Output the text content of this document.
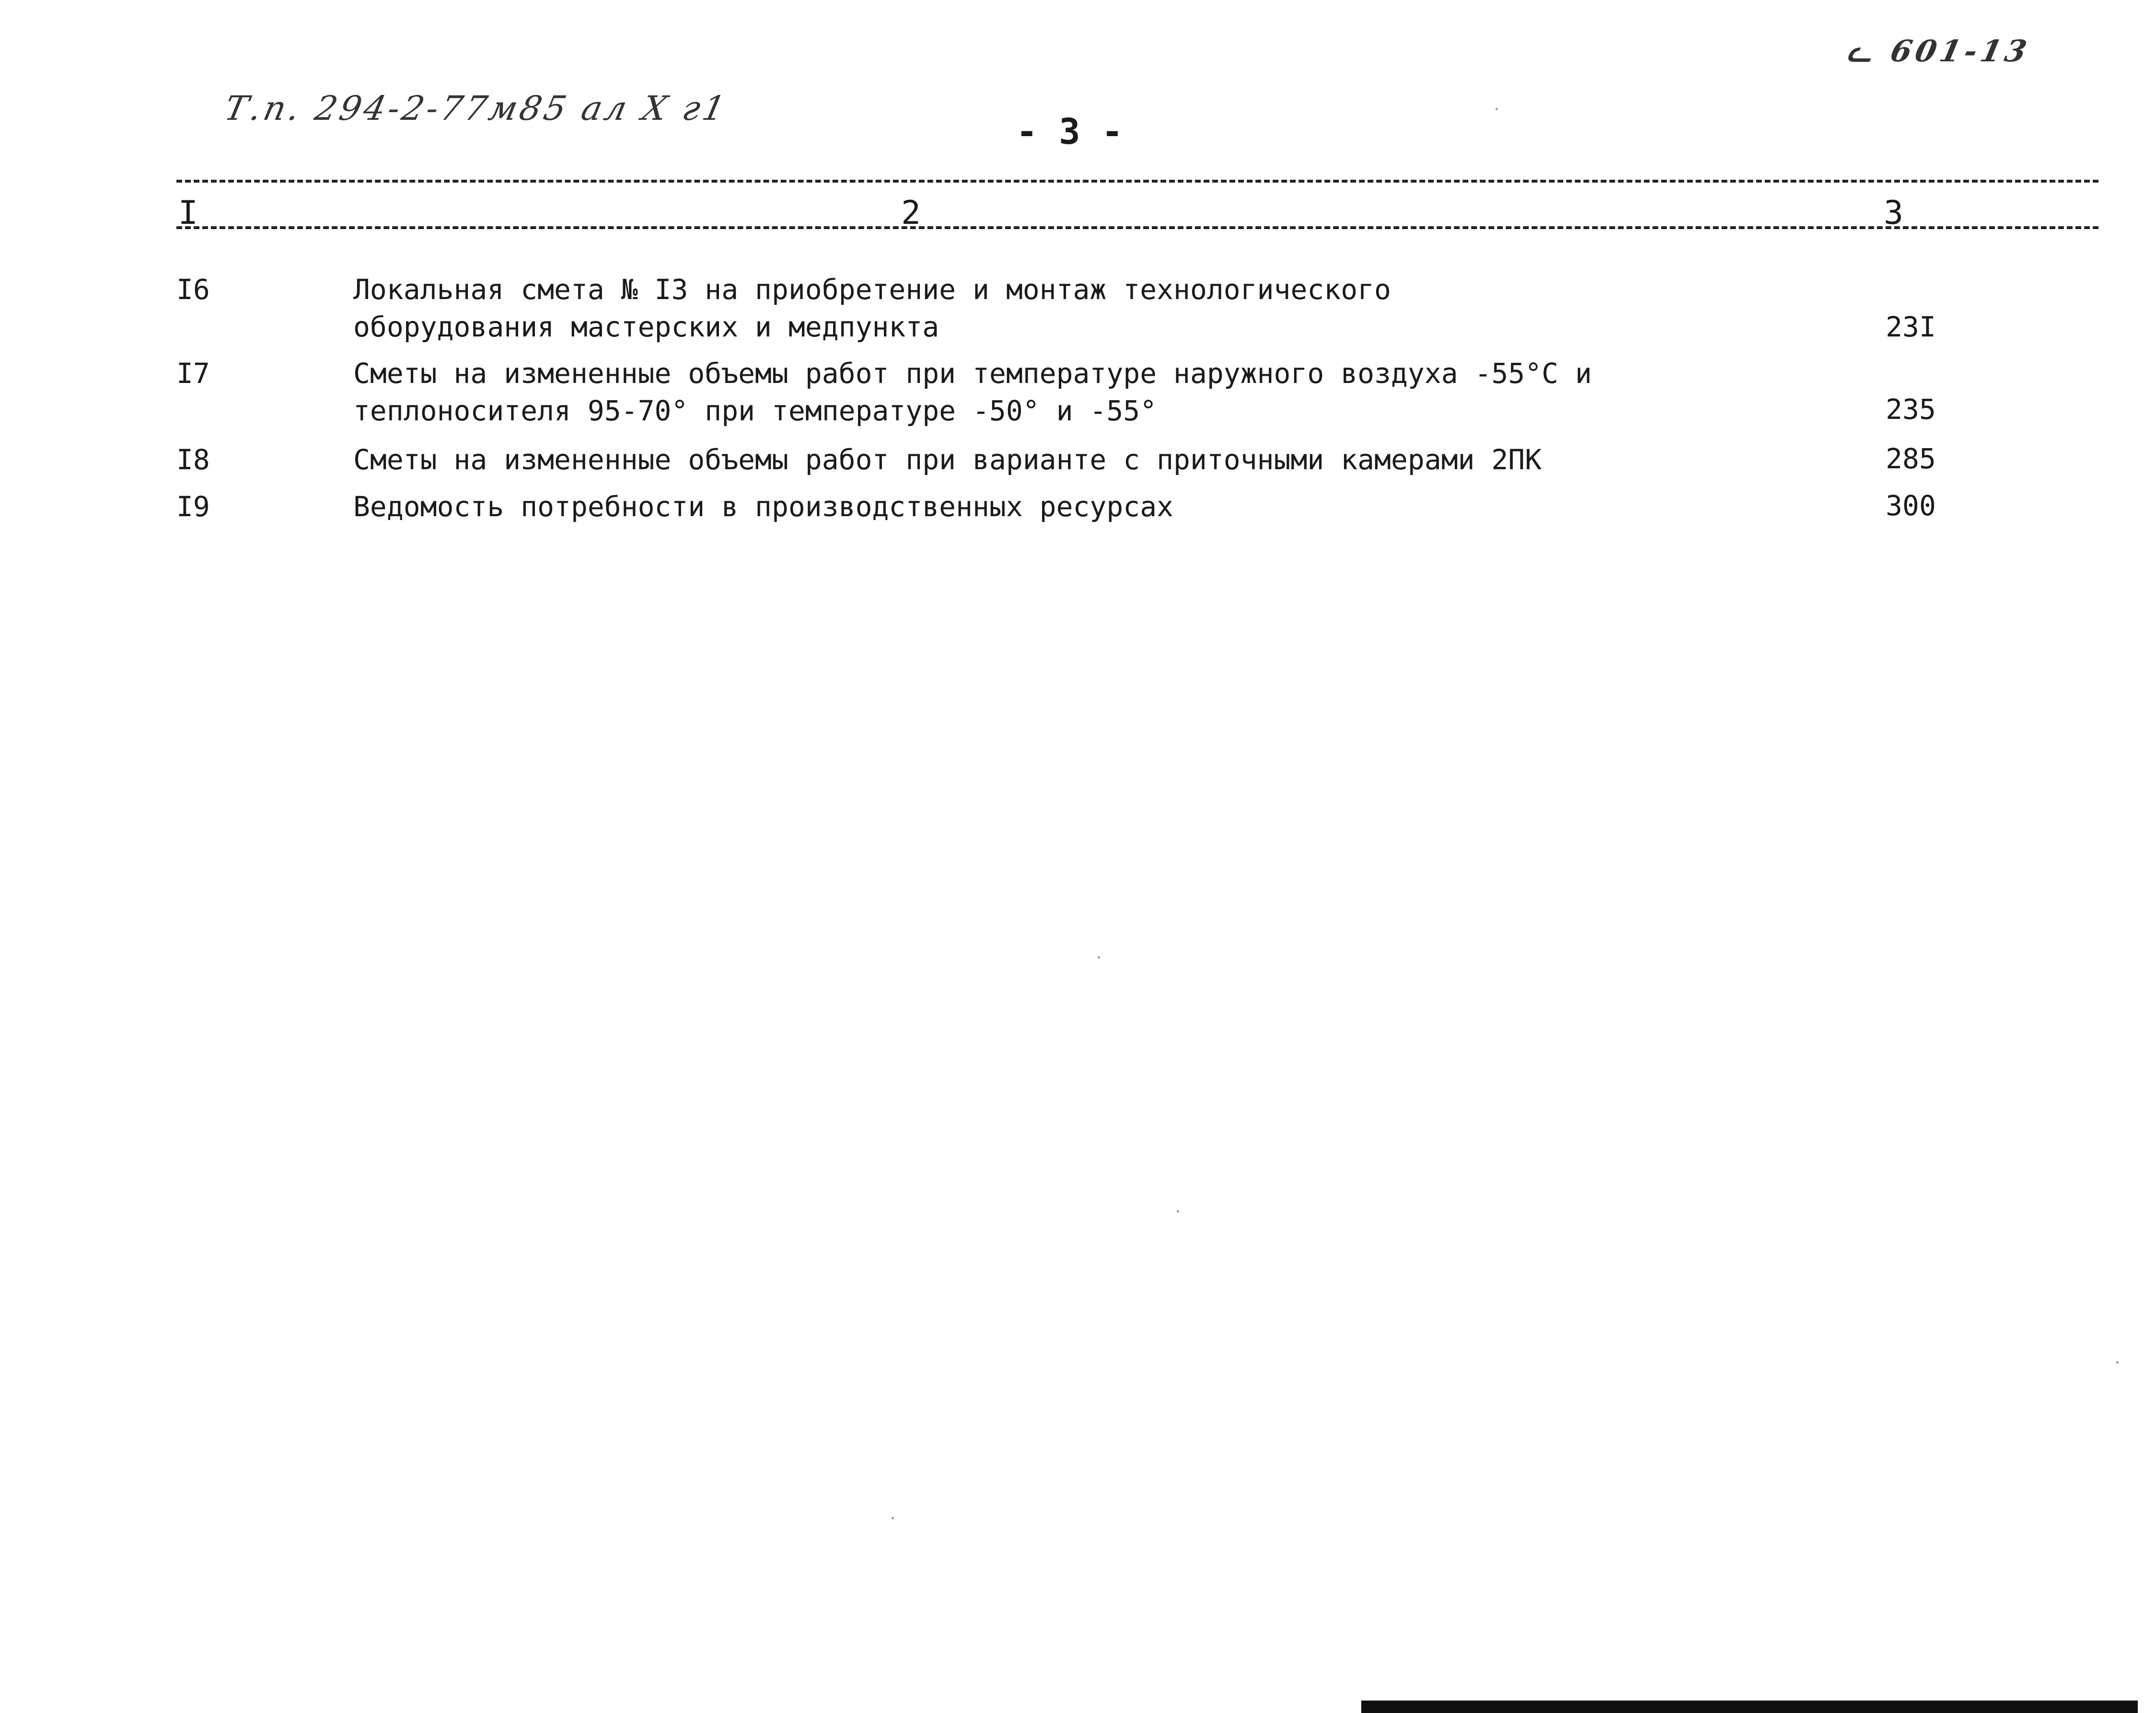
Т.п. 294-2-77м85 ал Х г1
ᓚ 601-13
- 3 -
I	2	3
I6	Локальная смета № I3 на приобретение и монтаж технологического
оборудования мастерских и медпункта	23I
I7	Сметы на измененные объемы работ при температуре наружного воздуха -55°С и
теплоносителя 95-70° при температуре -50° и -55°	235
I8	Сметы на измененные объемы работ при варианте с приточными камерами 2ПК	285
I9	Ведомость потребности в производственных ресурсах	300
